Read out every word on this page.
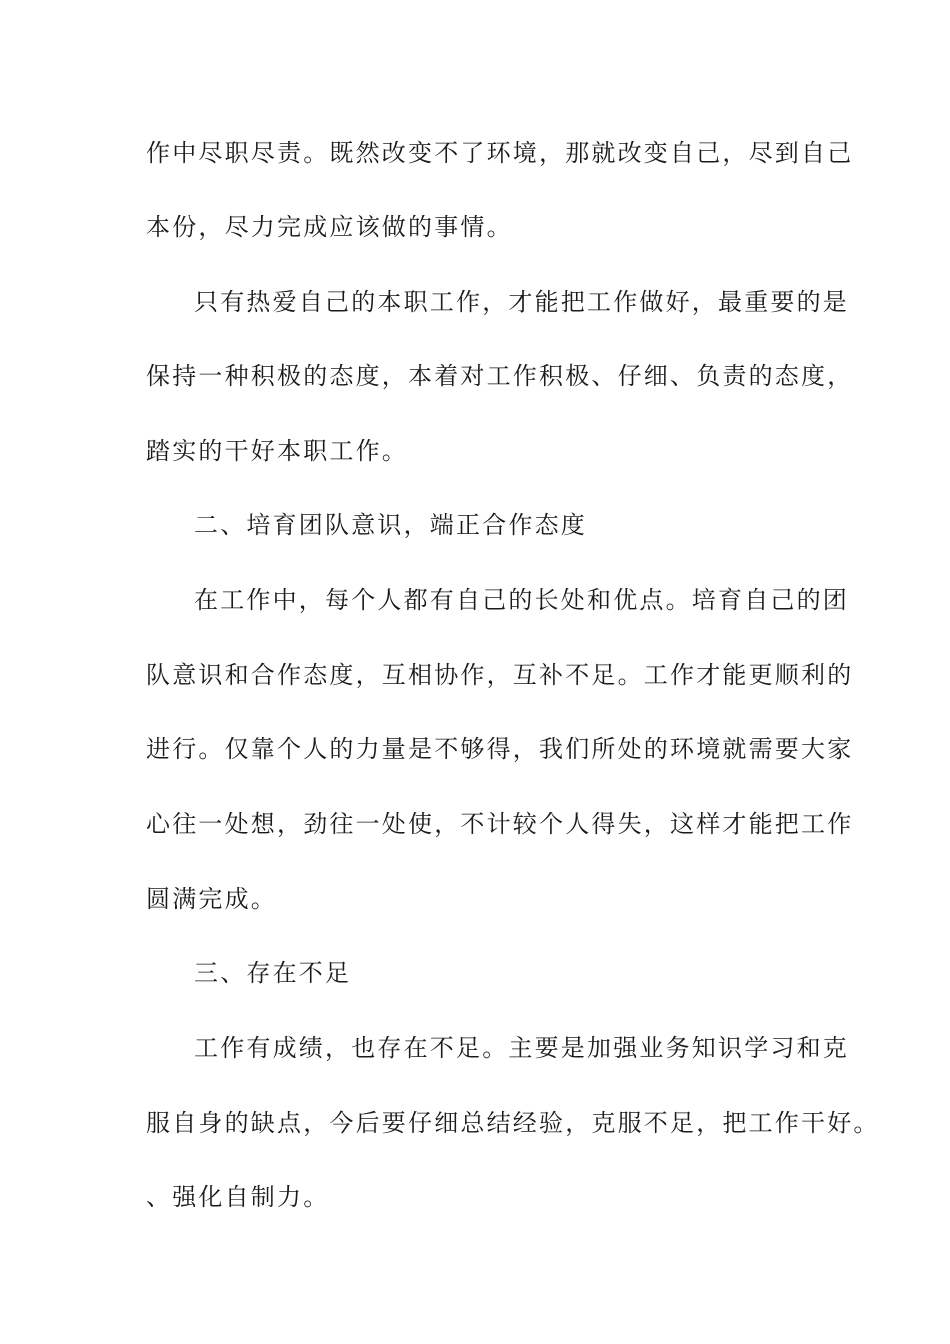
作中尽职尽责。既然改变不了环境，那就改变自己，尽到自己
本份，尽力完成应该做的事情。
只有热爱自己的本职工作，才能把工作做好，最重要的是
保持一种积极的态度，本着对工作积极、仔细、负责的态度，
踏实的干好本职工作。
二、培育团队意识，端正合作态度
在工作中，每个人都有自己的长处和优点。培育自己的团
队意识和合作态度，互相协作，互补不足。工作才能更顺利的
进行。仅靠个人的力量是不够得，我们所处的环境就需要大家
心往一处想，劲往一处使，不计较个人得失，这样才能把工作
圆满完成。
三、存在不足
工作有成绩，也存在不足。主要是加强业务知识学习和克
服自身的缺点，今后要仔细总结经验，克服不足，把工作干好。
、强化自制力。
